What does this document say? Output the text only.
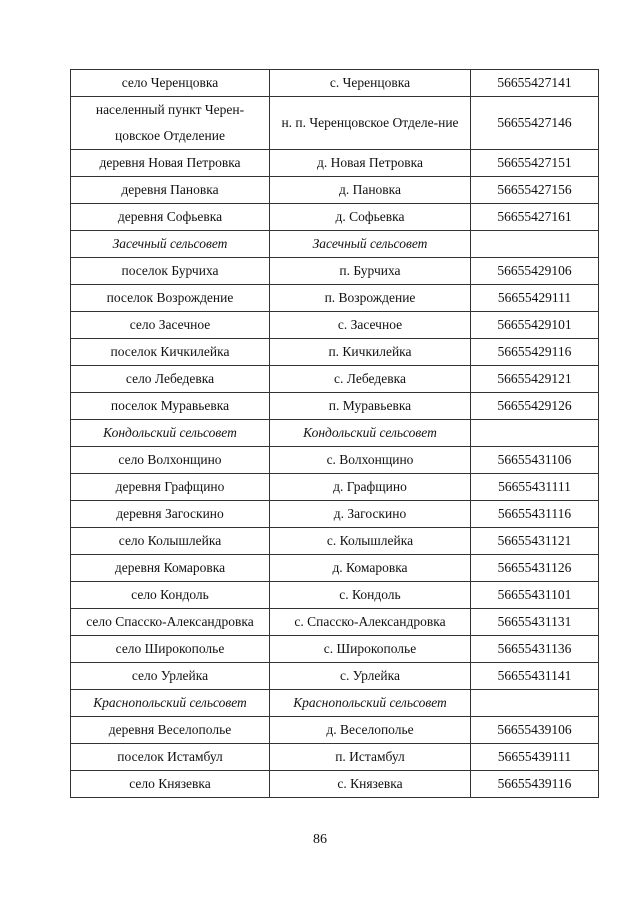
село Черенцовка	с. Черенцовка	56655427141
населенный пункт Черен-цовское Отделение	н. п. Черенцовское Отделе-ние	56655427146
деревня Новая Петровка	д. Новая Петровка	56655427151
деревня Пановка	д. Пановка	56655427156
деревня Софьевка	д. Софьевка	56655427161
Засечный сельсовет	Засечный сельсовет	
поселок Бурчиха	п. Бурчиха	56655429106
поселок Возрождение	п. Возрождение	56655429111
село Засечное	с. Засечное	56655429101
поселок Кичкилейка	п. Кичкилейка	56655429116
село Лебедевка	с. Лебедевка	56655429121
поселок Муравьевка	п. Муравьевка	56655429126
Кондольский сельсовет	Кондольский сельсовет	
село Волхонщино	с. Волхонщино	56655431106
деревня Графщино	д. Графщино	56655431111
деревня Загоскино	д. Загоскино	56655431116
село Колышлейка	с. Колышлейка	56655431121
деревня Комаровка	д. Комаровка	56655431126
село Кондоль	с. Кондоль	56655431101
село Спасско-Александровка	с. Спасско-Александровка	56655431131
село Широкополье	с. Широкополье	56655431136
село Урлейка	с. Урлейка	56655431141
Краснопольский сельсовет	Краснопольский сельсовет	
деревня Веселополье	д. Веселополье	56655439106
поселок Истамбул	п. Истамбул	56655439111
село Князевка	с. Князевка	56655439116
86
